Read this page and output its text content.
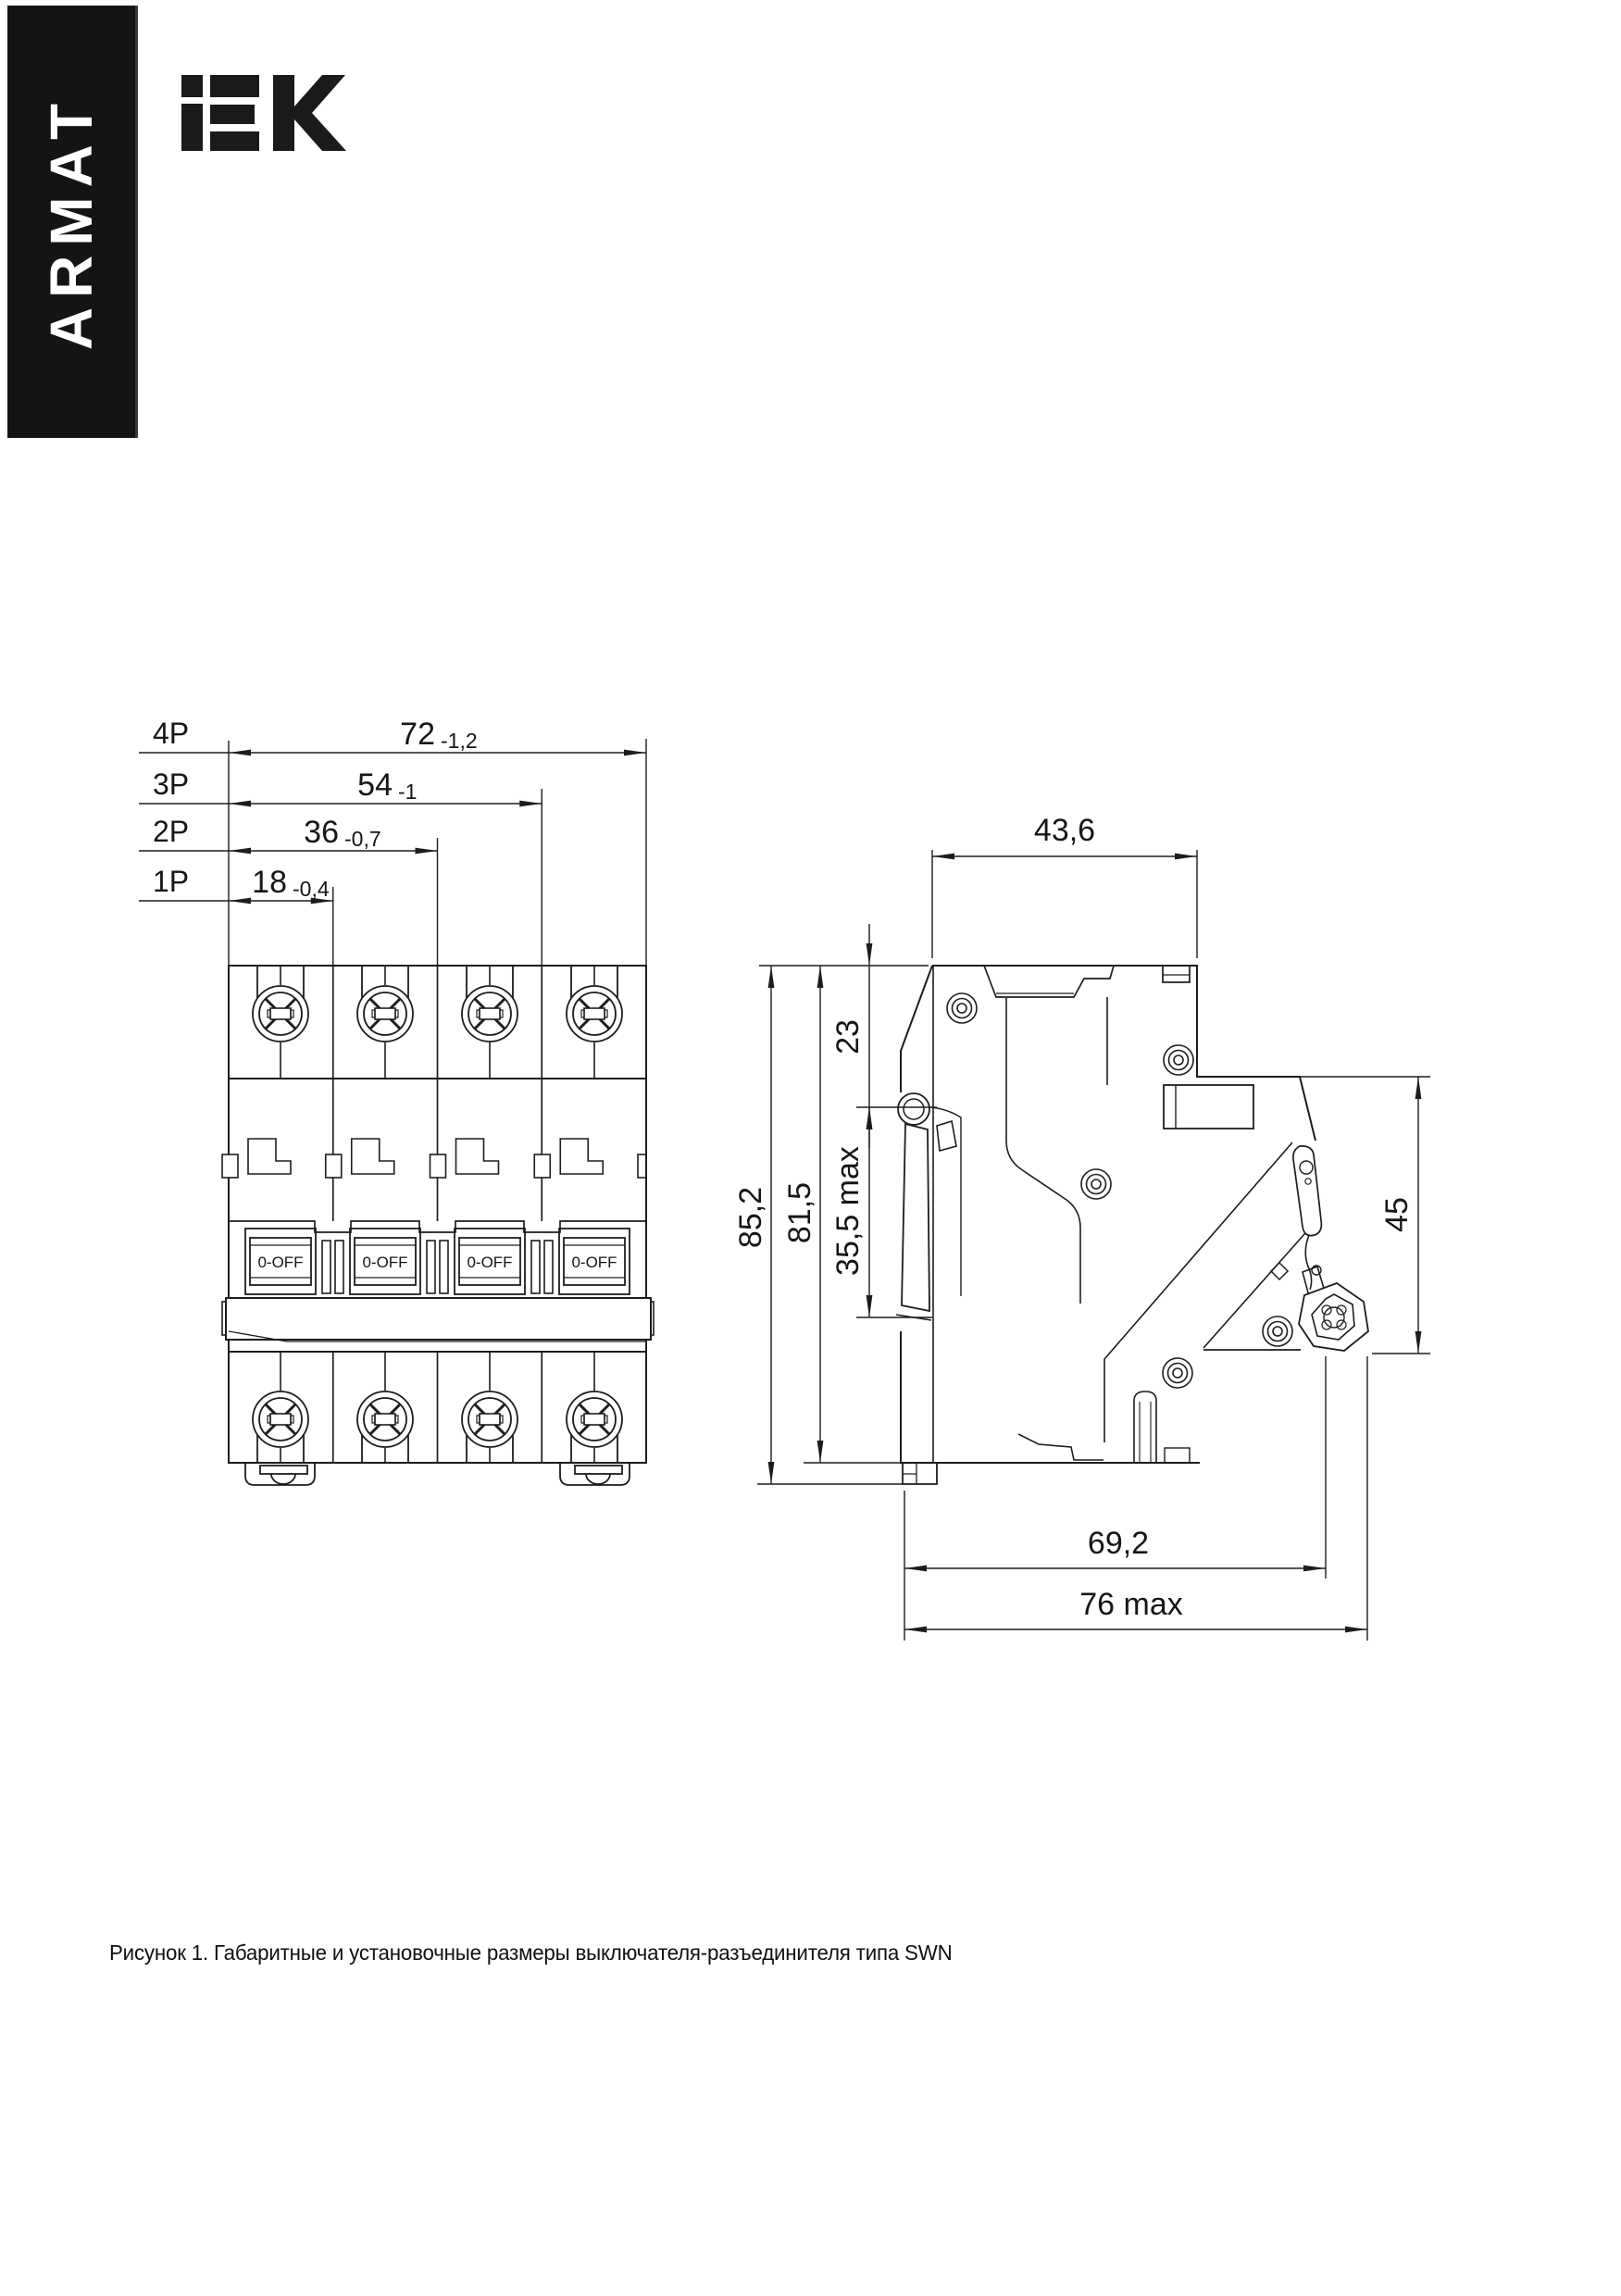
ARMAT
0-OFF	0-OFF	0-OFF	0-OFF
4P	72 -1,2
3P	54 -1
2P	36 -0,7
1P 18 -0,4
43,6
85,2 81,5
23
35,5 max	45
69,2
76 max
Рисунок 1. Габаритные и установочные размеры выключателя-разъединителя типа SWN
